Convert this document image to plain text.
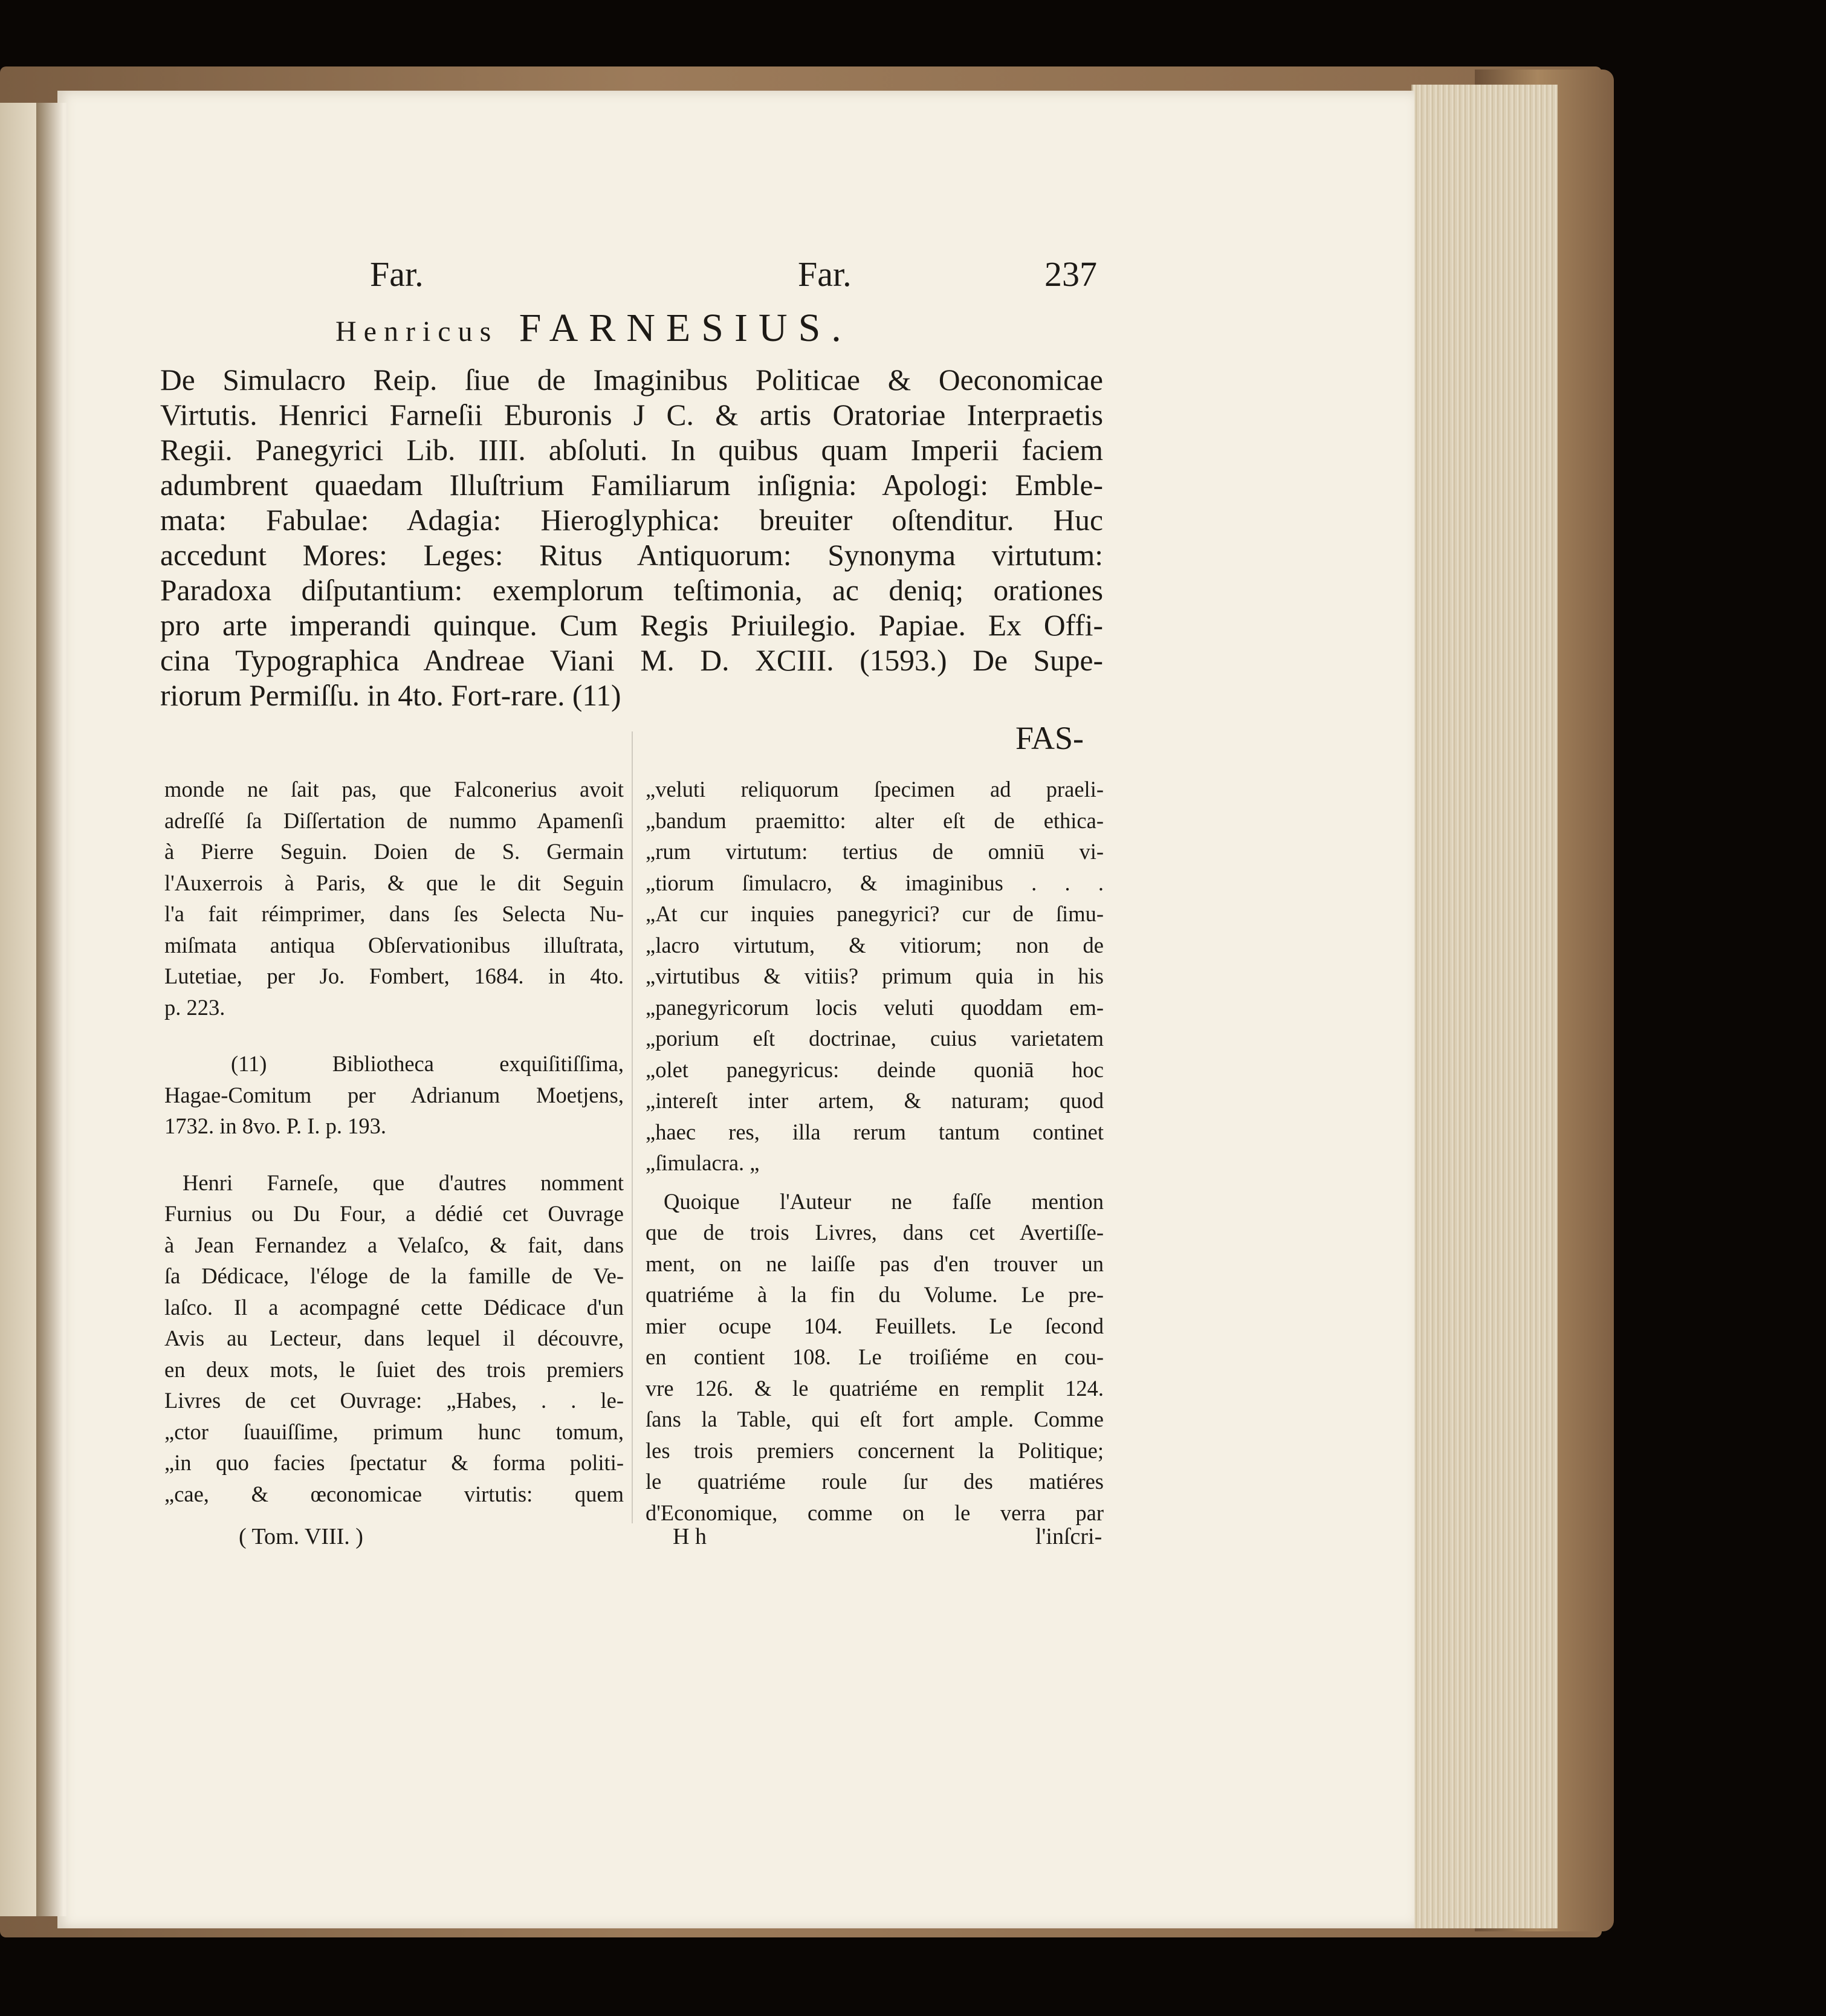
Far.	Far.	237
Henricus FARNESIUS.
De Simulacro Reip. ſiue de Imaginibus Politicae & Oeconomicae
Virtutis. Henrici Farneſii Eburonis J C. & artis Oratoriae Interpraetis
Regii. Panegyrici Lib. IIII. abſoluti. In quibus quam Imperii faciem
adumbrent quaedam Illuſtrium Familiarum inſignia: Apologi: Emble-
mata: Fabulae: Adagia: Hieroglyphica: breuiter oſtenditur. Huc
accedunt Mores: Leges: Ritus Antiquorum: Synonyma virtutum:
Paradoxa diſputantium: exemplorum teſtimonia, ac deniq; orationes
pro arte imperandi quinque. Cum Regis Priuilegio. Papiae. Ex Offi-
cina Typographica Andreae Viani M. D. XCIII. (1593.) De Supe-
riorum Permiſſu. in 4to. Fort-rare. (11)
FAS-
monde ne ſait pas, que Falconerius avoit
adreſſé ſa Diſſertation de nummo Apamenſi
à Pierre Seguin. Doien de S. Germain
l'Auxerrois à Paris, & que le dit Seguin
l'a fait réimprimer, dans ſes Selecta Nu-
miſmata antiqua Obſervationibus illuſtrata,
Lutetiae, per Jo. Fombert, 1684. in 4to.
p. 223.
(11) Bibliotheca exquiſitiſſima,
Hagae-Comitum per Adrianum Moetjens,
1732. in 8vo. P. I. p. 193.
Henri Farneſe, que d'autres nomment
Furnius ou Du Four, a dédié cet Ouvrage
à Jean Fernandez a Velaſco, & fait, dans
ſa Dédicace, l'éloge de la famille de Ve-
laſco. Il a acompagné cette Dédicace d'un
Avis au Lecteur, dans lequel il découvre,
en deux mots, le ſuiet des trois premiers
Livres de cet Ouvrage: „Habes, . . le-
„ctor ſuauiſſime, primum hunc tomum,
„in quo facies ſpectatur & forma politi-
„cae, & œconomicae virtutis: quem
„veluti reliquorum ſpecimen ad praeli-
„bandum praemitto: alter eſt de ethica-
„rum virtutum: tertius de omniū vi-
„tiorum ſimulacro, & imaginibus . . .
„At cur inquies panegyrici? cur de ſimu-
„lacro virtutum, & vitiorum; non de
„virtutibus & vitiis? primum quia in his
„panegyricorum locis veluti quoddam em-
„porium eſt doctrinae, cuius varietatem
„olet panegyricus: deinde quoniā hoc
„intereſt inter artem, & naturam; quod
„haec res, illa rerum tantum continet
„ſimulacra. „
Quoique l'Auteur ne faſſe mention
que de trois Livres, dans cet Avertiſſe-
ment, on ne laiſſe pas d'en trouver un
quatriéme à la fin du Volume. Le pre-
mier ocupe 104. Feuillets. Le ſecond
en contient 108. Le troiſiéme en cou-
vre 126. & le quatriéme en remplit 124.
ſans la Table, qui eſt fort ample. Comme
les trois premiers concernent la Politique;
le quatriéme roule ſur des matiéres
d'Economique, comme on le verra par
( Tom. VIII. )	H h	l'inſcri-
